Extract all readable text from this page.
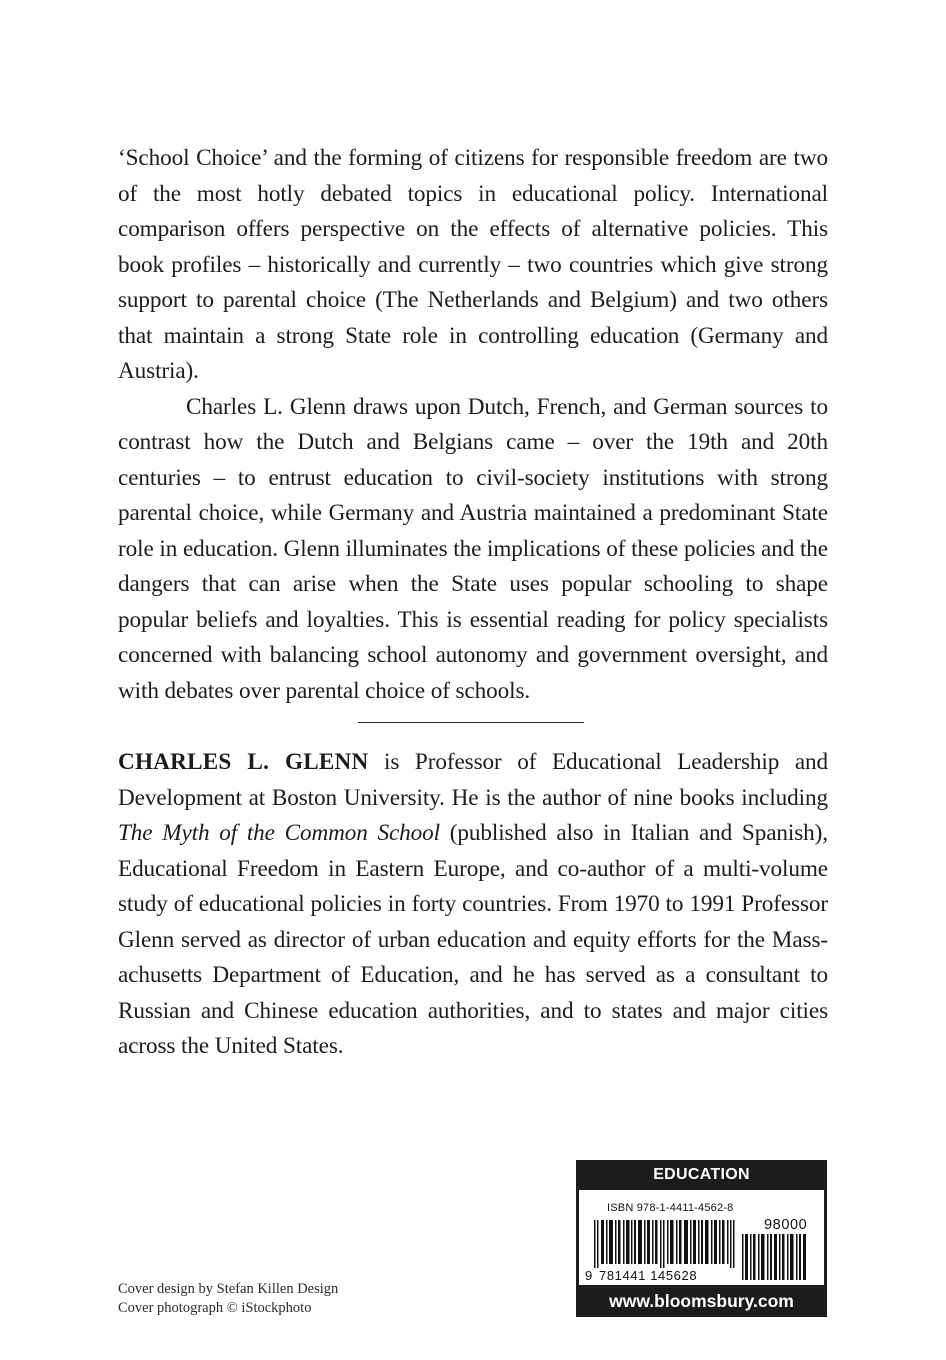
‘School Choice’ and the forming of citizens for responsible freedom are two of the most hotly debated topics in educational policy. International comparison offers perspective on the effects of alternative policies. This book profiles – historically and currently – two countries which give strong support to parental choice (The Netherlands and Belgium) and two others that maintain a strong State role in controlling education (Germany and Austria).

Charles L. Glenn draws upon Dutch, French, and German sources to contrast how the Dutch and Belgians came – over the 19th and 20th centuries – to entrust education to civil-society institutions with strong parental choice, while Germany and Austria maintained a predominant State role in education. Glenn illuminates the implications of these policies and the dangers that can arise when the State uses popular schooling to shape popular beliefs and loyalties. This is essential reading for policy specialists concerned with balancing school autonomy and government oversight, and with debates over parental choice of schools.

CHARLES L. GLENN is Professor of Educational Leadership and Development at Boston University. He is the author of nine books including The Myth of the Common School (published also in Italian and Spanish), Educational Freedom in Eastern Europe, and co-author of a multi-volume study of educational policies in forty countries. From 1970 to 1991 Professor Glenn served as director of urban education and equity efforts for the Mass-achusetts Department of Education, and he has served as a consultant to Russian and Chinese education authorities, and to states and major cities across the United States.

Cover design by Stefan Killen Design
Cover photograph © iStockphoto
EDUCATION
ISBN 978-1-4411-4562-8
98000
9 781441 145628
www.bloomsbury.com
